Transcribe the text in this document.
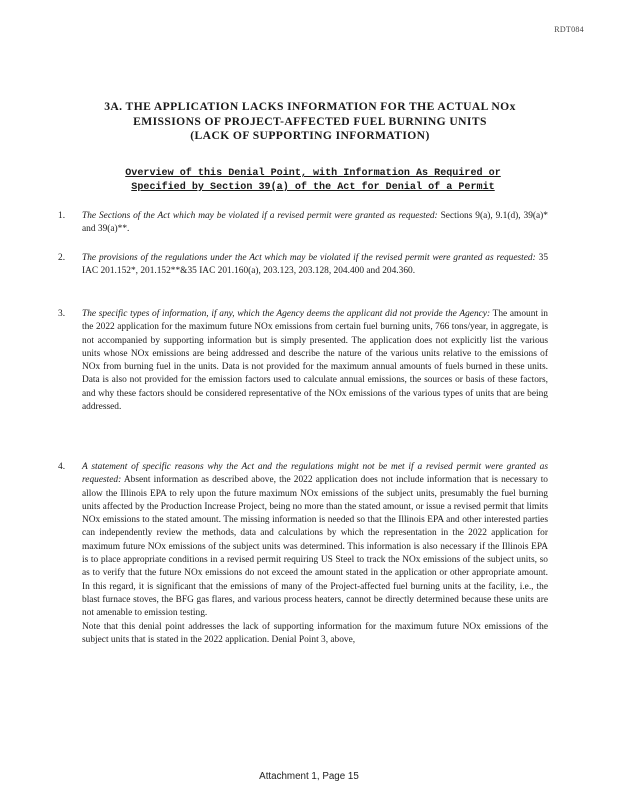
RDT084
3A. THE APPLICATION LACKS INFORMATION FOR THE ACTUAL NOx
EMISSIONS OF PROJECT-AFFECTED FUEL BURNING UNITS
(LACK OF SUPPORTING INFORMATION)
Overview of this Denial Point, with Information As Required or
Specified by Section 39(a) of the Act for Denial of a Permit
1.	The Sections of the Act which may be violated if a revised permit were granted as requested: Sections 9(a), 9.1(d), 39(a)* and 39(a)**.
2.	The provisions of the regulations under the Act which may be violated if the revised permit were granted as requested: 35 IAC 201.152*, 201.152**&35 IAC 201.160(a), 203.123, 203.128, 204.400 and 204.360.
3.	The specific types of information, if any, which the Agency deems the applicant did not provide the Agency: The amount in the 2022 application for the maximum future NOx emissions from certain fuel burning units, 766 tons/year, in aggregate, is not accompanied by supporting information but is simply presented. The application does not explicitly list the various units whose NOx emissions are being addressed and describe the nature of the various units relative to the emissions of NOx from burning fuel in the units. Data is not provided for the maximum annual amounts of fuels burned in these units. Data is also not provided for the emission factors used to calculate annual emissions, the sources or basis of these factors, and why these factors should be considered representative of the NOx emissions of the various types of units that are being addressed.
4.	A statement of specific reasons why the Act and the regulations might not be met if a revised permit were granted as requested: Absent information as described above, the 2022 application does not include information that is necessary to allow the Illinois EPA to rely upon the future maximum NOx emissions of the subject units, presumably the fuel burning units affected by the Production Increase Project, being no more than the stated amount, or issue a revised permit that limits NOx emissions to the stated amount. The missing information is needed so that the Illinois EPA and other interested parties can independently review the methods, data and calculations by which the representation in the 2022 application for maximum future NOx emissions of the subject units was determined. This information is also necessary if the Illinois EPA is to place appropriate conditions in a revised permit requiring US Steel to track the NOx emissions of the subject units, so as to verify that the future NOx emissions do not exceed the amount stated in the application or other appropriate amount. In this regard, it is significant that the emissions of many of the Project-affected fuel burning units at the facility, i.e., the blast furnace stoves, the BFG gas flares, and various process heaters, cannot be directly determined because these units are not amenable to emission testing.
Note that this denial point addresses the lack of supporting information for the maximum future NOx emissions of the subject units that is stated in the 2022 application. Denial Point 3, above,
Attachment 1, Page 15
